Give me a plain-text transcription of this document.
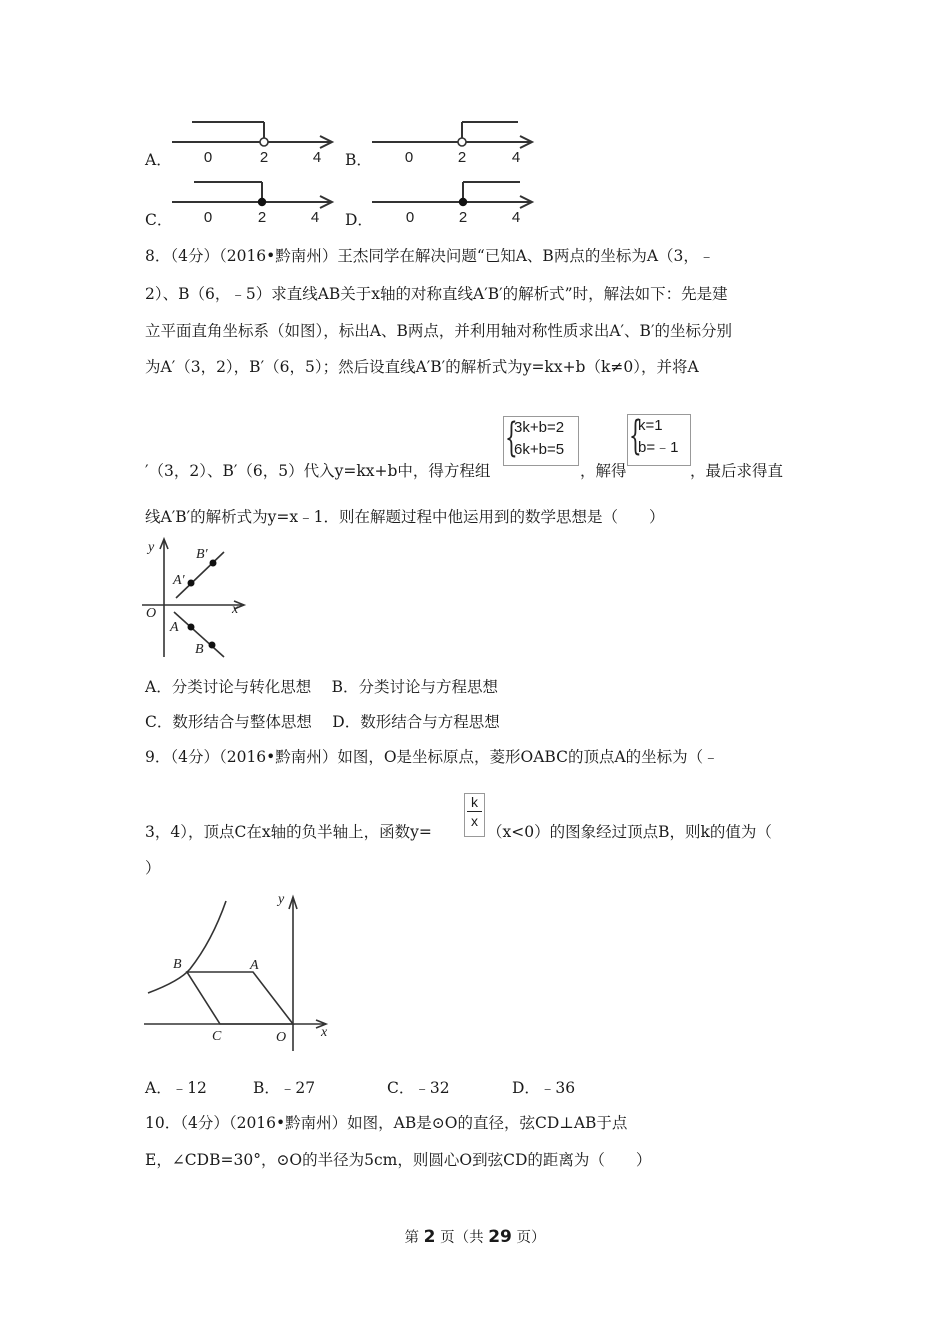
A． 0	2	4 B． 0	2	4
C． 0	2	4 D． 0	2	4
8．（4分）（2016•黔南州）王杰同学在解决问题“已知A、B两点的坐标为A（3，﹣
2）、B（6，﹣5）求直线AB关于x轴的对称直线A′B′的解析式”时，解法如下：先是建
立平面直角坐标系（如图），标出A、B两点，并利用轴对称性质求出A′、B′的坐标分别
为A′（3，2），B′（6，5）；然后设直线A′B′的解析式为y=kx+b（k≠0），并将A
′（3，2）、B′（6，5）代入y=kx+b中，得方程组
{
3k+b=2
6k+b=5
，解得
{
k=1
b=﹣1
，最后求得直
线A′B′的解析式为y=x﹣1．则在解题过程中他运用到的数学思想是（　　）
y
x
O
A′
B′
A
B
A．分类讨论与转化思想　 B．分类讨论与方程思想
C．数形结合与整体思想　 D．数形结合与方程思想
9．（4分）（2016•黔南州）如图，O是坐标原点，菱形OABC的顶点A的坐标为（﹣
3，4），顶点C在x轴的负半轴上，函数y=
k
x
（x<0）的图象经过顶点B，则k的值为（
）
y
x
B	A
C	O
A．﹣12	B．﹣27	C．﹣32	D．﹣36
10．（4分）（2016•黔南州）如图，AB是⊙O的直径，弦CD⊥AB于点
E，∠CDB=30°，⊙O的半径为5cm，则圆心O到弦CD的距离为（　　）
第 2 页（共 29 页）
